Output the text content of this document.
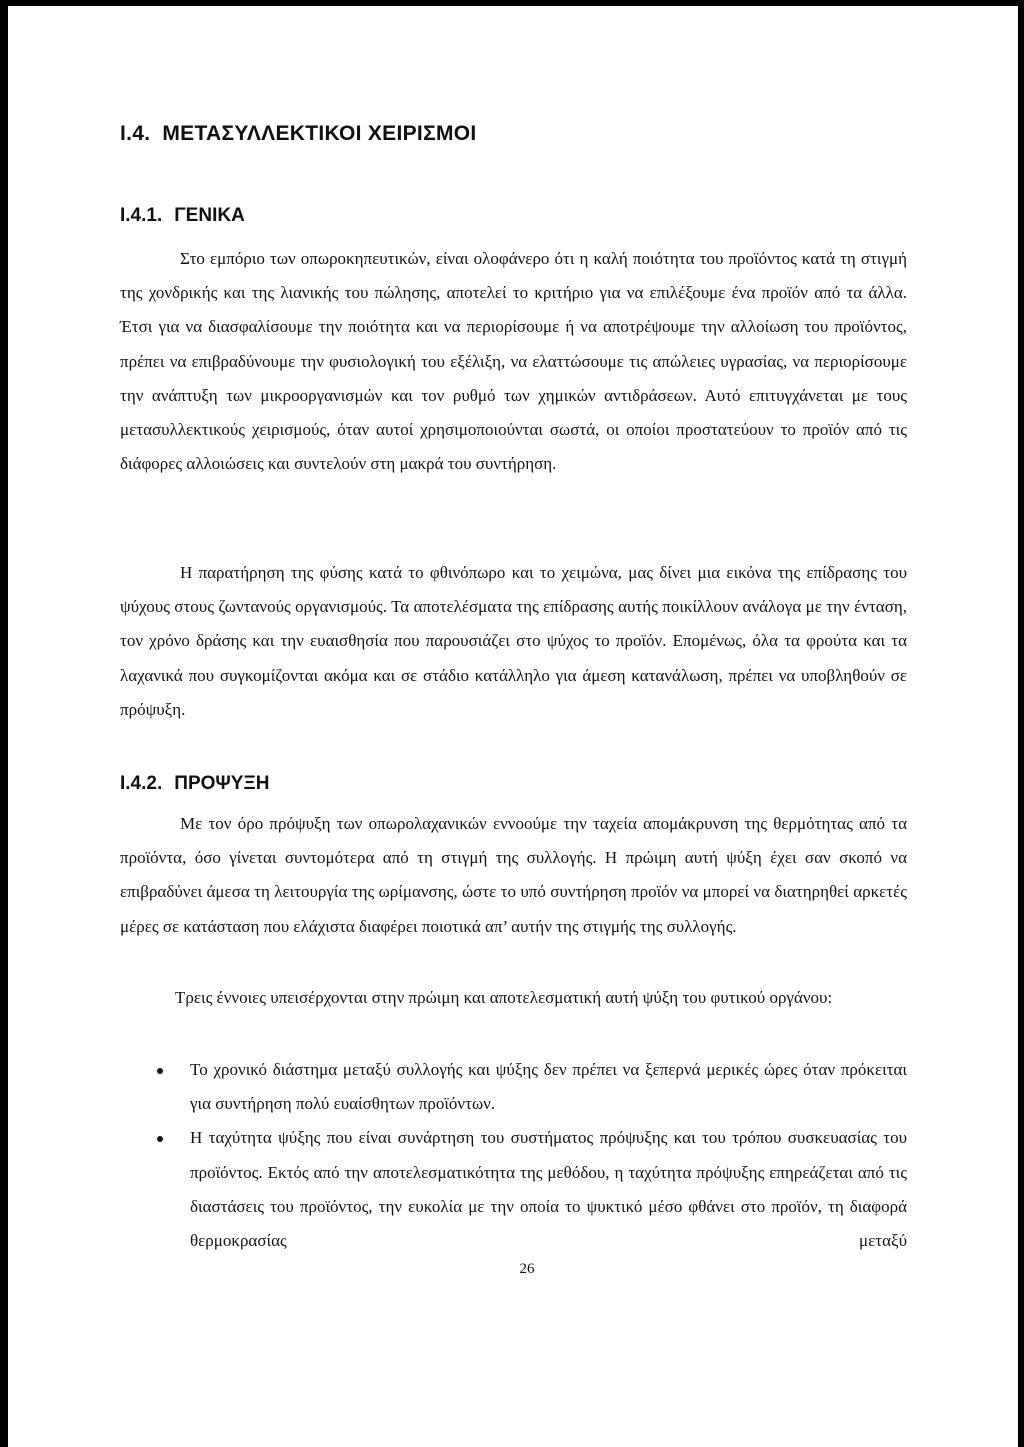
I.4. ΜΕΤΑΣΥΛΛΕΚΤΙΚΟΙ ΧΕΙΡΙΣΜΟΙ
I.4.1. ΓΕΝΙΚΑ

Στο εμπόριο των οπωροκηπευτικών, είναι ολοφάνερο ότι η καλή ποιότητα του προϊόντος κατά τη στιγμή της χονδρικής και της λιανικής του πώλησης, αποτελεί το κριτήριο για να επιλέξουμε ένα προϊόν από τα άλλα. Έτσι για να διασφαλίσουμε την ποιότητα και να περιορίσουμε ή να αποτρέψουμε την αλλοίωση του προϊόντος, πρέπει να επιβραδύνουμε την φυσιολογική του εξέλιξη, να ελαττώσουμε τις απώλειες υγρασίας, να περιορίσουμε την ανάπτυξη των μικροοργανισμών και τον ρυθμό των χημικών αντιδράσεων. Αυτό επιτυγχάνεται με τους μετασυλλεκτικούς χειρισμούς, όταν αυτοί χρησιμοποιούνται σωστά, οι οποίοι προστατεύουν το προϊόν από τις διάφορες αλλοιώσεις και συντελούν στη μακρά του συντήρηση.

Η παρατήρηση της φύσης κατά το φθινόπωρο και το χειμώνα, μας δίνει μια εικόνα της επίδρασης του ψύχους στους ζωντανούς οργανισμούς. Τα αποτελέσματα της επίδρασης αυτής ποικίλλουν ανάλογα με την ένταση, τον χρόνο δράσης και την ευαισθησία που παρουσιάζει στο ψύχος το προϊόν. Επομένως, όλα τα φρούτα και τα λαχανικά που συγκομίζονται ακόμα και σε στάδιο κατάλληλο για άμεση κατανάλωση, πρέπει να υποβληθούν σε πρόψυξη.

I.4.2. ΠΡΟΨΥΞΗ

Με τον όρο πρόψυξη των οπωρολαχανικών εννοούμε την ταχεία απομάκρυνση της θερμότητας από τα προϊόντα, όσο γίνεται συντομότερα από τη στιγμή της συλλογής. Η πρώιμη αυτή ψύξη έχει σαν σκοπό να επιβραδύνει άμεσα τη λειτουργία της ωρίμανσης, ώστε το υπό συντήρηση προϊόν να μπορεί να διατηρηθεί αρκετές μέρες σε κατάσταση που ελάχιστα διαφέρει ποιοτικά απ’ αυτήν της στιγμής της συλλογής.

Τρεις έννοιες υπεισέρχονται στην πρώιμη και αποτελεσματική αυτή ψύξη του φυτικού οργάνου:

Το χρονικό διάστημα μεταξύ συλλογής και ψύξης δεν πρέπει να ξεπερνά μερικές ώρες όταν πρόκειται για συντήρηση πολύ ευαίσθητων προϊόντων.
Η ταχύτητα ψύξης που είναι συνάρτηση του συστήματος πρόψυξης και του τρόπου συσκευασίας του προϊόντος. Εκτός από την αποτελεσματικότητα της μεθόδου, η ταχύτητα πρόψυξης επηρεάζεται από τις διαστάσεις του προϊόντος, την ευκολία με την οποία το ψυκτικό μέσο φθάνει στο προϊόν, τη διαφορά θερμοκρασίας μεταξύ
26
